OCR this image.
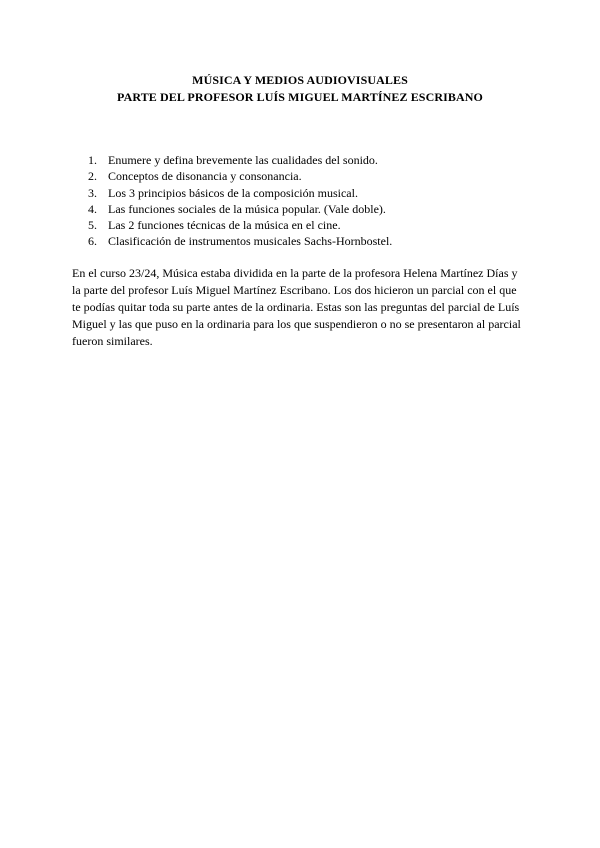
MÚSICA Y MEDIOS AUDIOVISUALES
PARTE DEL PROFESOR LUÍS MIGUEL MARTÍNEZ ESCRIBANO
1. Enumere y defina brevemente las cualidades del sonido.
2. Conceptos de disonancia y consonancia.
3. Los 3 principios básicos de la composición musical.
4. Las funciones sociales de la música popular. (Vale doble).
5. Las 2 funciones técnicas de la música en el cine.
6. Clasificación de instrumentos musicales Sachs-Hornbostel.

En el curso 23/24, Música estaba dividida en la parte de la profesora Helena Martínez Días y la parte del profesor Luís Miguel Martínez Escribano. Los dos hicieron un parcial con el que te podías quitar toda su parte antes de la ordinaria. Estas son las preguntas del parcial de Luís Miguel y las que puso en la ordinaria para los que suspendieron o no se presentaron al parcial fueron similares.
